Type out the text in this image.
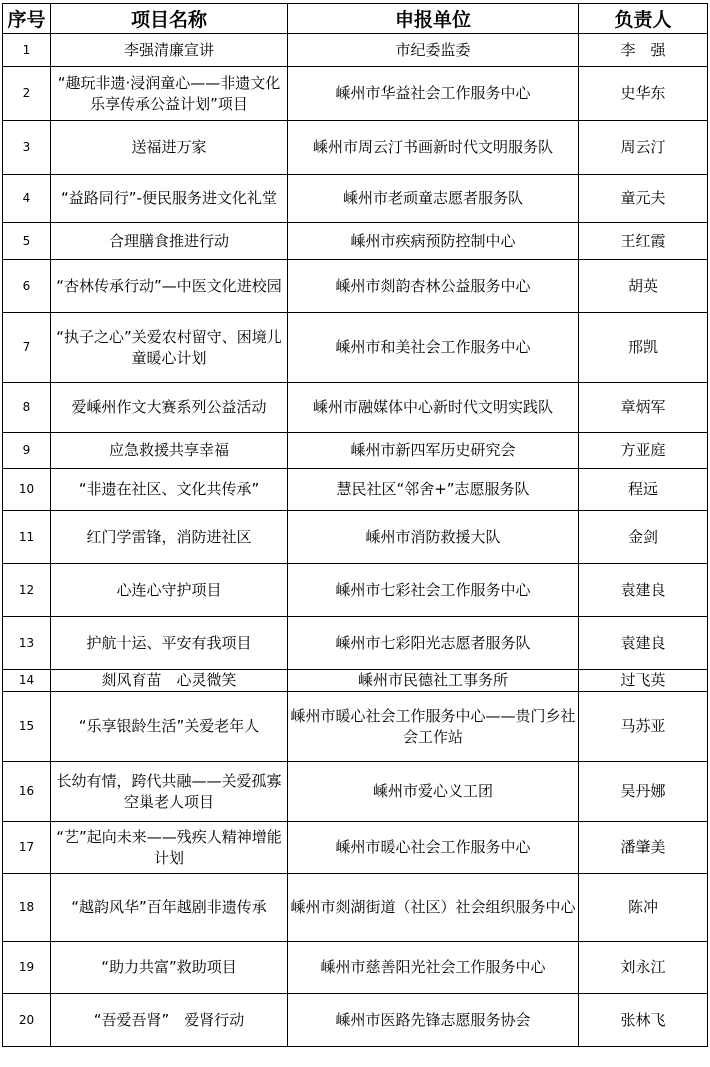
序号	项目名称	申报单位	负责人
1	李强清廉宣讲	市纪委监委	李　强
2	“趣玩非遗·浸润童心——非遗文化乐享传承公益计划”项目	嵊州市华益社会工作服务中心	史华东
3	送福进万家	嵊州市周云汀书画新时代文明服务队	周云汀
4	“益路同行”-便民服务进文化礼堂	嵊州市老顽童志愿者服务队	童元夫
5	合理膳食推进行动	嵊州市疾病预防控制中心	王红霞
6	“杏林传承行动”—中医文化进校园	嵊州市剡韵杏林公益服务中心	胡英
7	“执子之心”关爱农村留守、困境儿童暖心计划	嵊州市和美社会工作服务中心	邢凯
8	爱嵊州作文大赛系列公益活动	嵊州市融媒体中心新时代文明实践队	章炳军
9	应急救援共享幸福	嵊州市新四军历史研究会	方亚庭
10	“非遗在社区、文化共传承”	慧民社区“邻舍+”志愿服务队	程远
11	红门学雷锋，消防进社区	嵊州市消防救援大队	金剑
12	心连心守护项目	嵊州市七彩社会工作服务中心	袁建良
13	护航十运、平安有我项目	嵊州市七彩阳光志愿者服务队	袁建良
14	剡风育苗　心灵微笑	嵊州市民德社工事务所	过飞英
15	“乐享银龄生活”关爱老年人	嵊州市暖心社会工作服务中心——贵门乡社会工作站	马苏亚
16	长幼有情，跨代共融——关爱孤寡空巢老人项目	嵊州市爱心义工团	吴丹娜
17	“艺”起向未来——残疾人精神增能计划	嵊州市暖心社会工作服务中心	潘肇美
18	“越韵风华”百年越剧非遗传承	嵊州市剡湖街道（社区）社会组织服务中心	陈冲
19	“助力共富”救助项目	嵊州市慈善阳光社会工作服务中心	刘永江
20	“吾爱吾肾”　爱肾行动	嵊州市医路先锋志愿服务协会	张林飞
